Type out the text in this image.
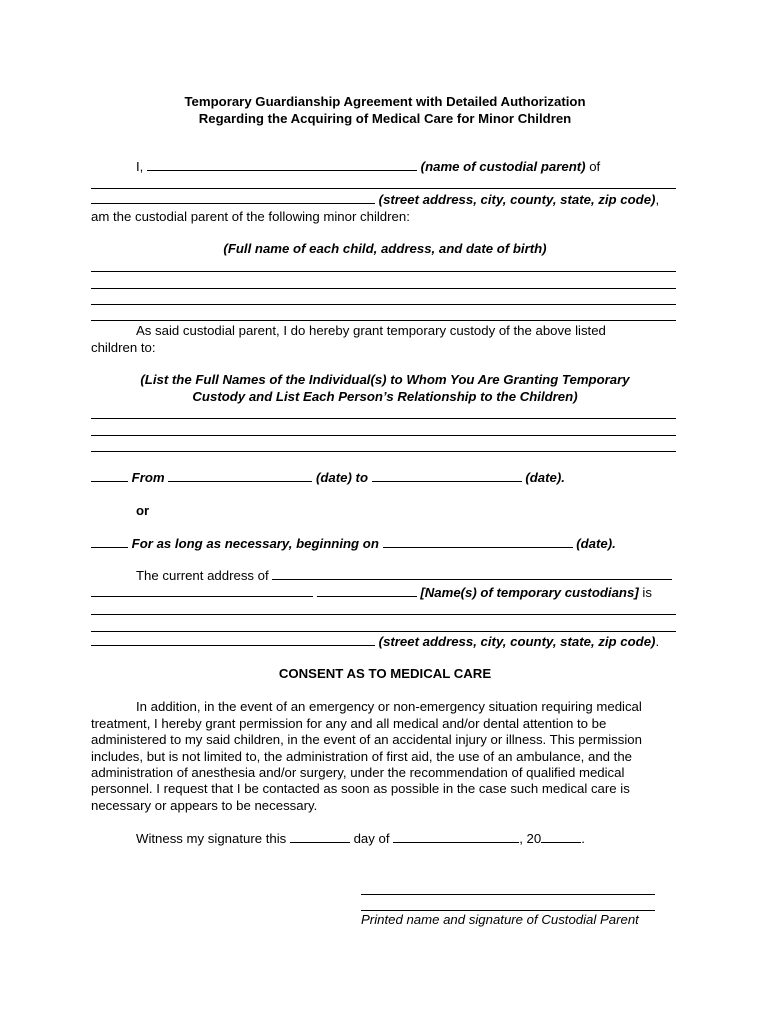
Temporary Guardianship Agreement with Detailed Authorization
Regarding the Acquiring of Medical Care for Minor Children
I,	(name of custodial parent) of
(street address, city, county, state, zip code),
am the custodial parent of the following minor children:
(Full name of each child, address, and date of birth)
As said custodial parent, I do hereby grant temporary custody of the above listed
children to:
(List the Full Names of the Individual(s) to Whom You Are Granting Temporary
Custody and List Each Person’s Relationship to the Children)
From	(date) to	(date).
or
For as long as necessary, beginning on	(date).
The current address of
[Name(s) of temporary custodians] is
(street address, city, county, state, zip code).
CONSENT AS TO MEDICAL CARE
In addition, in the event of an emergency or non-emergency situation requiring medical
treatment, I hereby grant permission for any and all medical and/or dental attention to be
administered to my said children, in the event of an accidental injury or illness. This permission
includes, but is not limited to, the administration of first aid, the use of an ambulance, and the
administration of anesthesia and/or surgery, under the recommendation of qualified medical
personnel. I request that I be contacted as soon as possible in the case such medical care is
necessary or appears to be necessary.
Witness my signature this	day of	, 20	.
Printed name and signature of Custodial Parent
